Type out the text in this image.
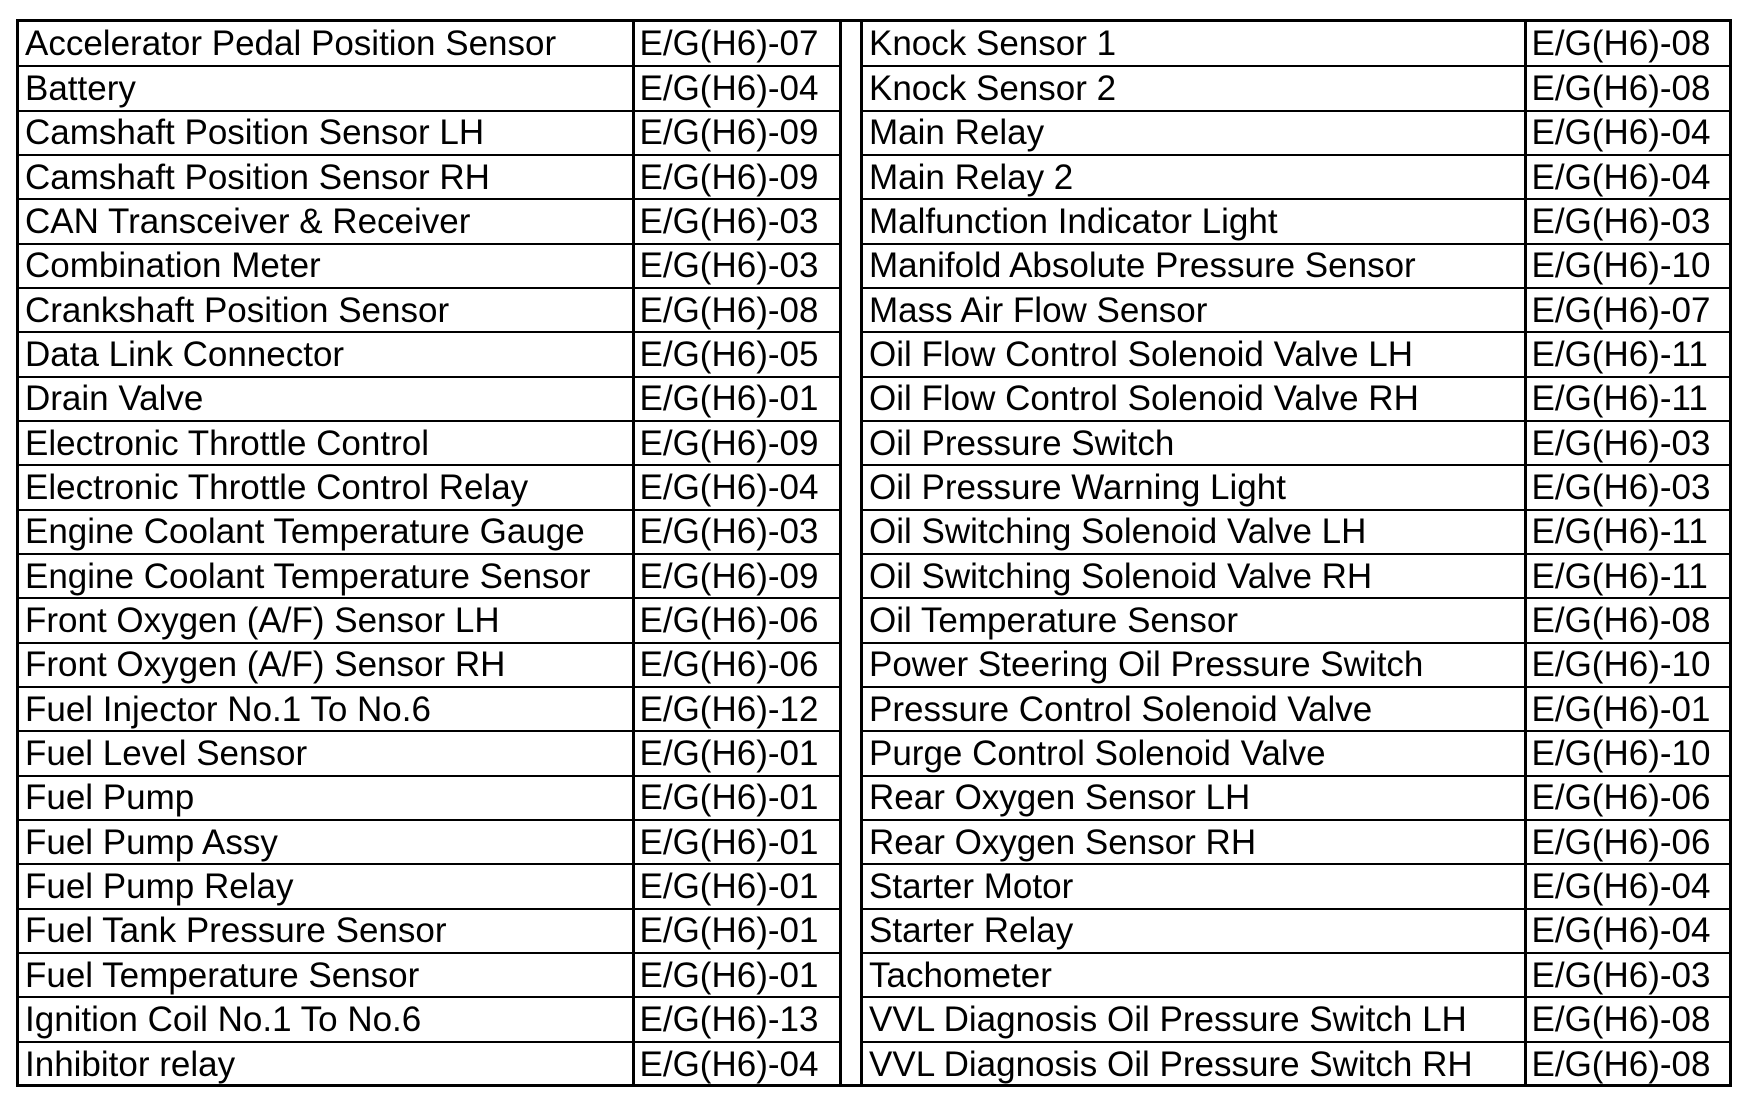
Accelerator Pedal Position Sensor	E/G(H6)-07
Battery	E/G(H6)-04
Camshaft Position Sensor LH	E/G(H6)-09
Camshaft Position Sensor RH	E/G(H6)-09
CAN Transceiver & Receiver	E/G(H6)-03
Combination Meter	E/G(H6)-03
Crankshaft Position Sensor	E/G(H6)-08
Data Link Connector	E/G(H6)-05
Drain Valve	E/G(H6)-01
Electronic Throttle Control	E/G(H6)-09
Electronic Throttle Control Relay	E/G(H6)-04
Engine Coolant Temperature Gauge	E/G(H6)-03
Engine Coolant Temperature Sensor	E/G(H6)-09
Front Oxygen (A/F) Sensor LH	E/G(H6)-06
Front Oxygen (A/F) Sensor RH	E/G(H6)-06
Fuel Injector No.1 To No.6	E/G(H6)-12
Fuel Level Sensor	E/G(H6)-01
Fuel Pump	E/G(H6)-01
Fuel Pump Assy	E/G(H6)-01
Fuel Pump Relay	E/G(H6)-01
Fuel Tank Pressure Sensor	E/G(H6)-01
Fuel Temperature Sensor	E/G(H6)-01
Ignition Coil No.1 To No.6	E/G(H6)-13
Inhibitor relay	E/G(H6)-04
Knock Sensor 1	E/G(H6)-08
Knock Sensor 2	E/G(H6)-08
Main Relay	E/G(H6)-04
Main Relay 2	E/G(H6)-04
Malfunction Indicator Light	E/G(H6)-03
Manifold Absolute Pressure Sensor	E/G(H6)-10
Mass Air Flow Sensor	E/G(H6)-07
Oil Flow Control Solenoid Valve LH	E/G(H6)-11
Oil Flow Control Solenoid Valve RH	E/G(H6)-11
Oil Pressure Switch	E/G(H6)-03
Oil Pressure Warning Light	E/G(H6)-03
Oil Switching Solenoid Valve LH	E/G(H6)-11
Oil Switching Solenoid Valve RH	E/G(H6)-11
Oil Temperature Sensor	E/G(H6)-08
Power Steering Oil Pressure Switch	E/G(H6)-10
Pressure Control Solenoid Valve	E/G(H6)-01
Purge Control Solenoid Valve	E/G(H6)-10
Rear Oxygen Sensor LH	E/G(H6)-06
Rear Oxygen Sensor RH	E/G(H6)-06
Starter Motor	E/G(H6)-04
Starter Relay	E/G(H6)-04
Tachometer	E/G(H6)-03
VVL Diagnosis Oil Pressure Switch LH	E/G(H6)-08
VVL Diagnosis Oil Pressure Switch RH	E/G(H6)-08
